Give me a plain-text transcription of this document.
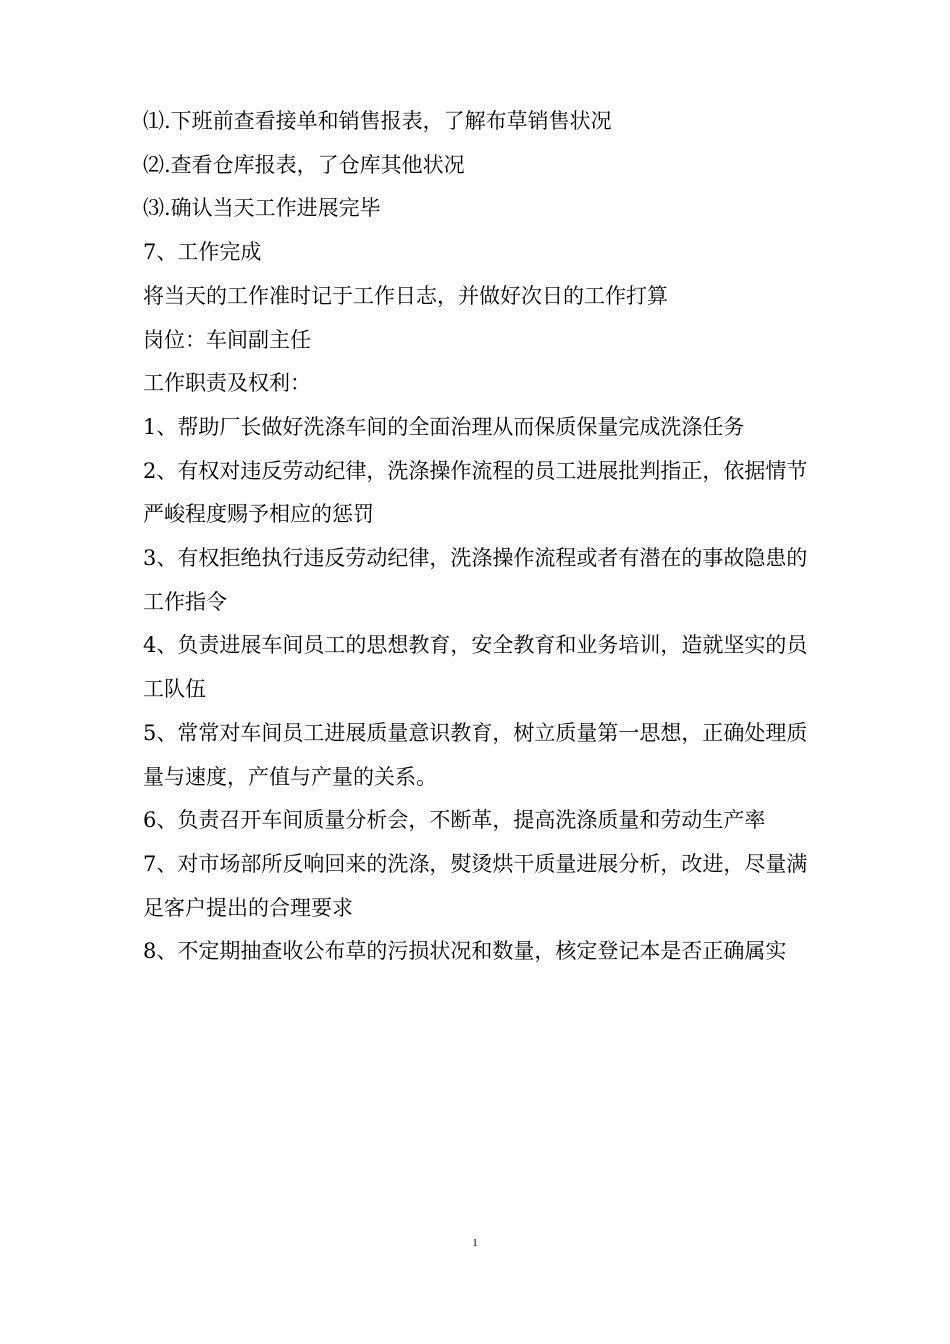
⑴.下班前查看接单和销售报表，了解布草销售状况

⑵.查看仓库报表，了仓库其他状况

⑶.确认当天工作进展完毕

7、工作完成

将当天的工作准时记于工作日志，并做好次日的工作打算

岗位：车间副主任

工作职责及权利：

1、帮助厂长做好洗涤车间的全面治理从而保质保量完成洗涤任务

2、有权对违反劳动纪律，洗涤操作流程的员工进展批判指正，依据情节严峻程度赐予相应的惩罚

3、有权拒绝执行违反劳动纪律，洗涤操作流程或者有潜在的事故隐患的工作指令

4、负责进展车间员工的思想教育，安全教育和业务培训，造就坚实的员工队伍

5、常常对车间员工进展质量意识教育，树立质量第一思想，正确处理质量与速度，产值与产量的关系。

6、负责召开车间质量分析会，不断革，提高洗涤质量和劳动生产率

7、对市场部所反响回来的洗涤，熨烫烘干质量进展分析，改进，尽量满足客户提出的合理要求

8、不定期抽查收公布草的污损状况和数量，核定登记本是否正确属实

1
